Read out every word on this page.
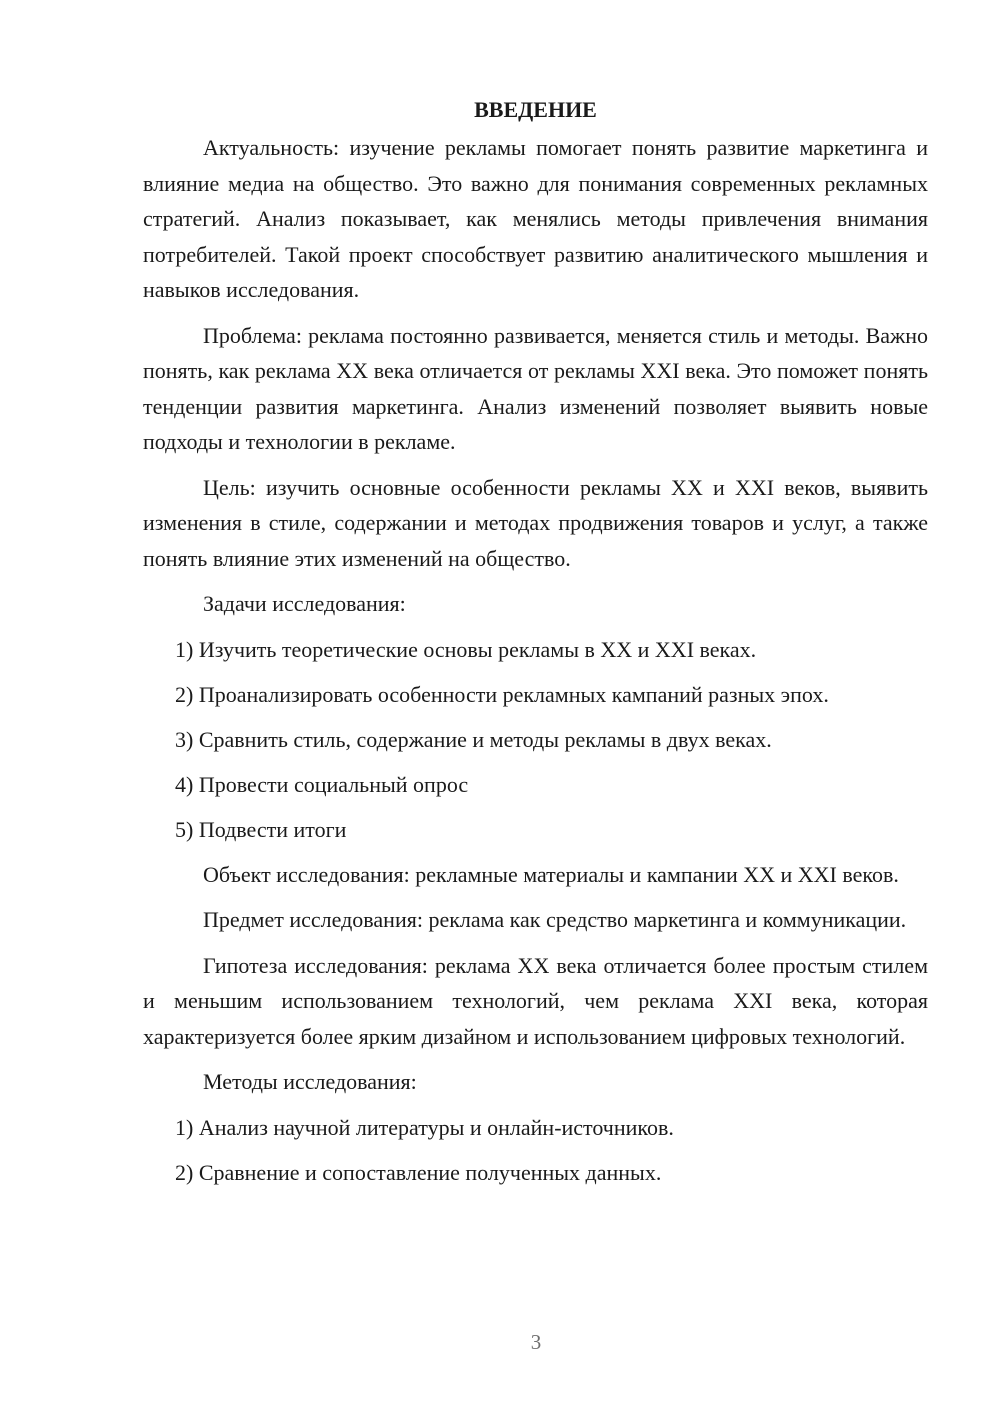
ВВЕДЕНИЕ

Актуальность: изучение рекламы помогает понять развитие маркетинга и влияние медиа на общество. Это важно для понимания современных рекламных стратегий. Анализ показывает, как менялись методы привлечения внимания потребителей. Такой проект способствует развитию аналитического мышления и навыков исследования.

Проблема: реклама постоянно развивается, меняется стиль и методы. Важно понять, как реклама XX века отличается от рекламы XXI века. Это поможет понять тенденции развития маркетинга. Анализ изменений позволяет выявить новые подходы и технологии в рекламе.

Цель: изучить основные особенности рекламы XX и XXI веков, выявить изменения в стиле, содержании и методах продвижения товаров и услуг, а также понять влияние этих изменений на общество.

Задачи исследования:
1) Изучить теоретические основы рекламы в XX и XXI веках.
2) Проанализировать особенности рекламных кампаний разных эпох.
3) Сравнить стиль, содержание и методы рекламы в двух веках.
4) Провести социальный опрос
5) Подвести итоги

Объект исследования: рекламные материалы и кампании XX и XXI веков.

Предмет исследования: реклама как средство маркетинга и коммуникации.

Гипотеза исследования: реклама XX века отличается более простым стилем и меньшим использованием технологий, чем реклама XXI века, которая характеризуется более ярким дизайном и использованием цифровых технологий.

Методы исследования:
1) Анализ научной литературы и онлайн-источников.
2) Сравнение и сопоставление полученных данных.
3
